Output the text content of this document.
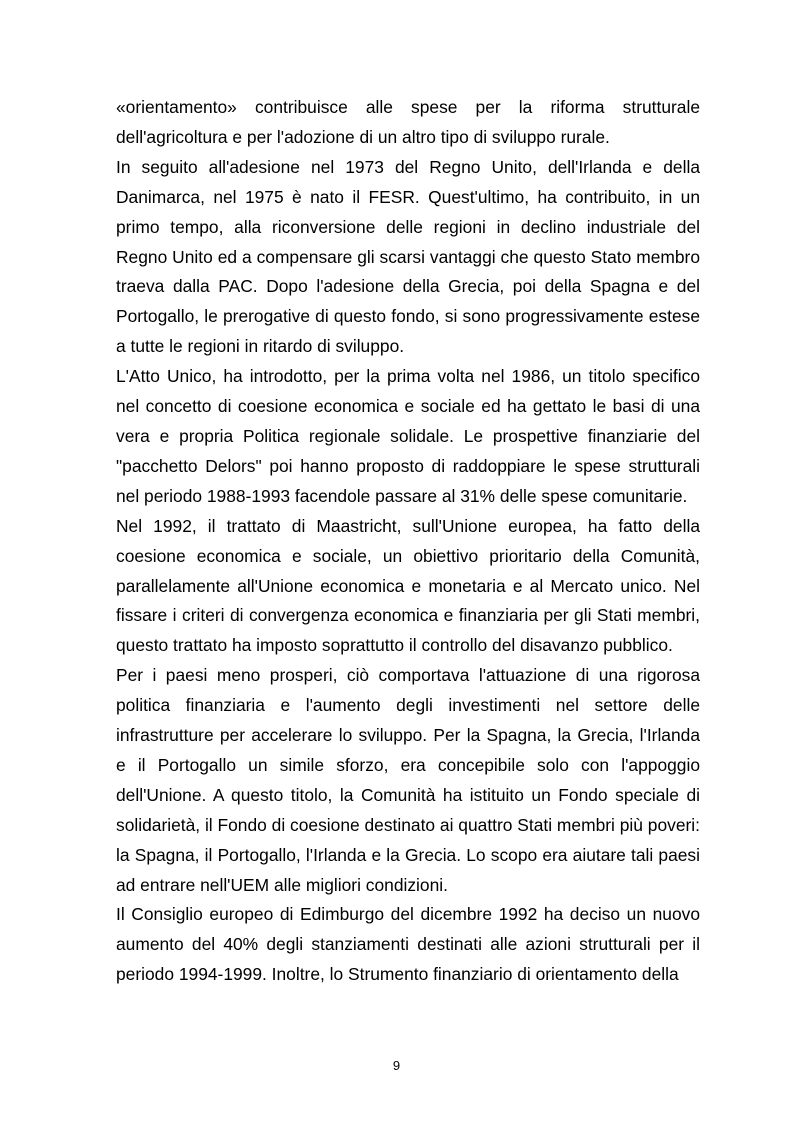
«orientamento» contribuisce alle spese per la riforma strutturale dell'agricoltura e per l'adozione di un altro tipo di sviluppo rurale.

In seguito all'adesione nel 1973 del Regno Unito, dell'Irlanda e della Danimarca, nel 1975 è nato il FESR. Quest'ultimo, ha contribuito, in un primo tempo, alla riconversione delle regioni in declino industriale del Regno Unito ed a compensare gli scarsi vantaggi che questo Stato membro traeva dalla PAC. Dopo l'adesione della Grecia, poi della Spagna e del Portogallo, le prerogative di questo fondo, si sono progressivamente estese a tutte le regioni in ritardo di sviluppo.

L'Atto Unico, ha introdotto, per la prima volta nel 1986, un titolo specifico nel concetto di coesione economica e sociale ed ha gettato le basi di una vera e propria Politica regionale solidale. Le prospettive finanziarie del "pacchetto Delors" poi hanno proposto di raddoppiare le spese strutturali nel periodo 1988-1993 facendole passare al 31% delle spese comunitarie.

Nel 1992, il trattato di Maastricht, sull'Unione europea, ha fatto della coesione economica e sociale, un obiettivo prioritario della Comunità, parallelamente all'Unione economica e monetaria e al Mercato unico. Nel fissare i criteri di convergenza economica e finanziaria per gli Stati membri, questo trattato ha imposto soprattutto il controllo del disavanzo pubblico.

Per i paesi meno prosperi, ciò comportava l'attuazione di una rigorosa politica finanziaria e l'aumento degli investimenti nel settore delle infrastrutture per accelerare lo sviluppo. Per la Spagna, la Grecia, l'Irlanda e il Portogallo un simile sforzo, era concepibile solo con l'appoggio dell'Unione. A questo titolo, la Comunità ha istituito un Fondo speciale di solidarietà, il Fondo di coesione destinato ai quattro Stati membri più poveri: la Spagna, il Portogallo, l'Irlanda e la Grecia. Lo scopo era aiutare tali paesi ad entrare nell'UEM alle migliori condizioni.

Il Consiglio europeo di Edimburgo del dicembre 1992 ha deciso un nuovo aumento del 40% degli stanziamenti destinati alle azioni strutturali per il periodo 1994-1999. Inoltre, lo Strumento finanziario di orientamento della

9
